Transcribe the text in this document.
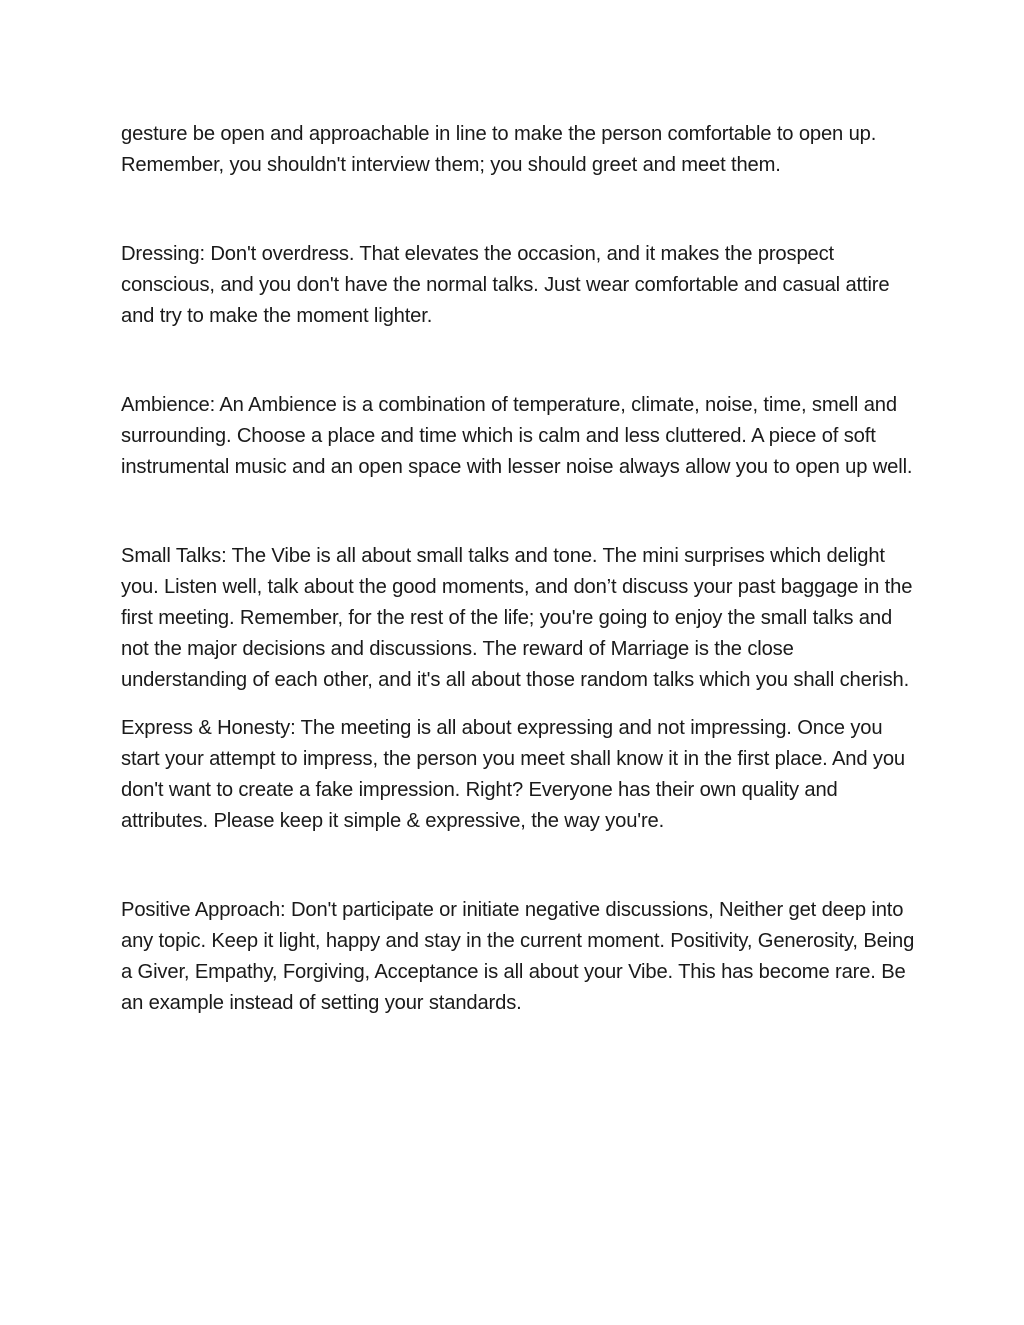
gesture be open and approachable in line to make the person comfortable to open up. Remember, you shouldn't interview them; you should greet and meet them.

Dressing: Don't overdress. That elevates the occasion, and it makes the prospect conscious, and you don't have the normal talks. Just wear comfortable and casual attire and try to make the moment lighter.

Ambience: An Ambience is a combination of temperature, climate, noise, time, smell and surrounding. Choose a place and time which is calm and less cluttered. A piece of soft instrumental music and an open space with lesser noise always allow you to open up well.

Small Talks: The Vibe is all about small talks and tone. The mini surprises which delight you. Listen well, talk about the good moments, and don’t discuss your past baggage in the first meeting. Remember, for the rest of the life; you're going to enjoy the small talks and not the major decisions and discussions. The reward of Marriage is the close understanding of each other, and it's all about those random talks which you shall cherish.

Express & Honesty: The meeting is all about expressing and not impressing. Once you start your attempt to impress, the person you meet shall know it in the first place. And you don't want to create a fake impression. Right? Everyone has their own quality and attributes. Please keep it simple & expressive, the way you're.

Positive Approach: Don't participate or initiate negative discussions, Neither get deep into any topic. Keep it light, happy and stay in the current moment. Positivity, Generosity, Being a Giver, Empathy, Forgiving, Acceptance is all about your Vibe. This has become rare. Be an example instead of setting your standards.
